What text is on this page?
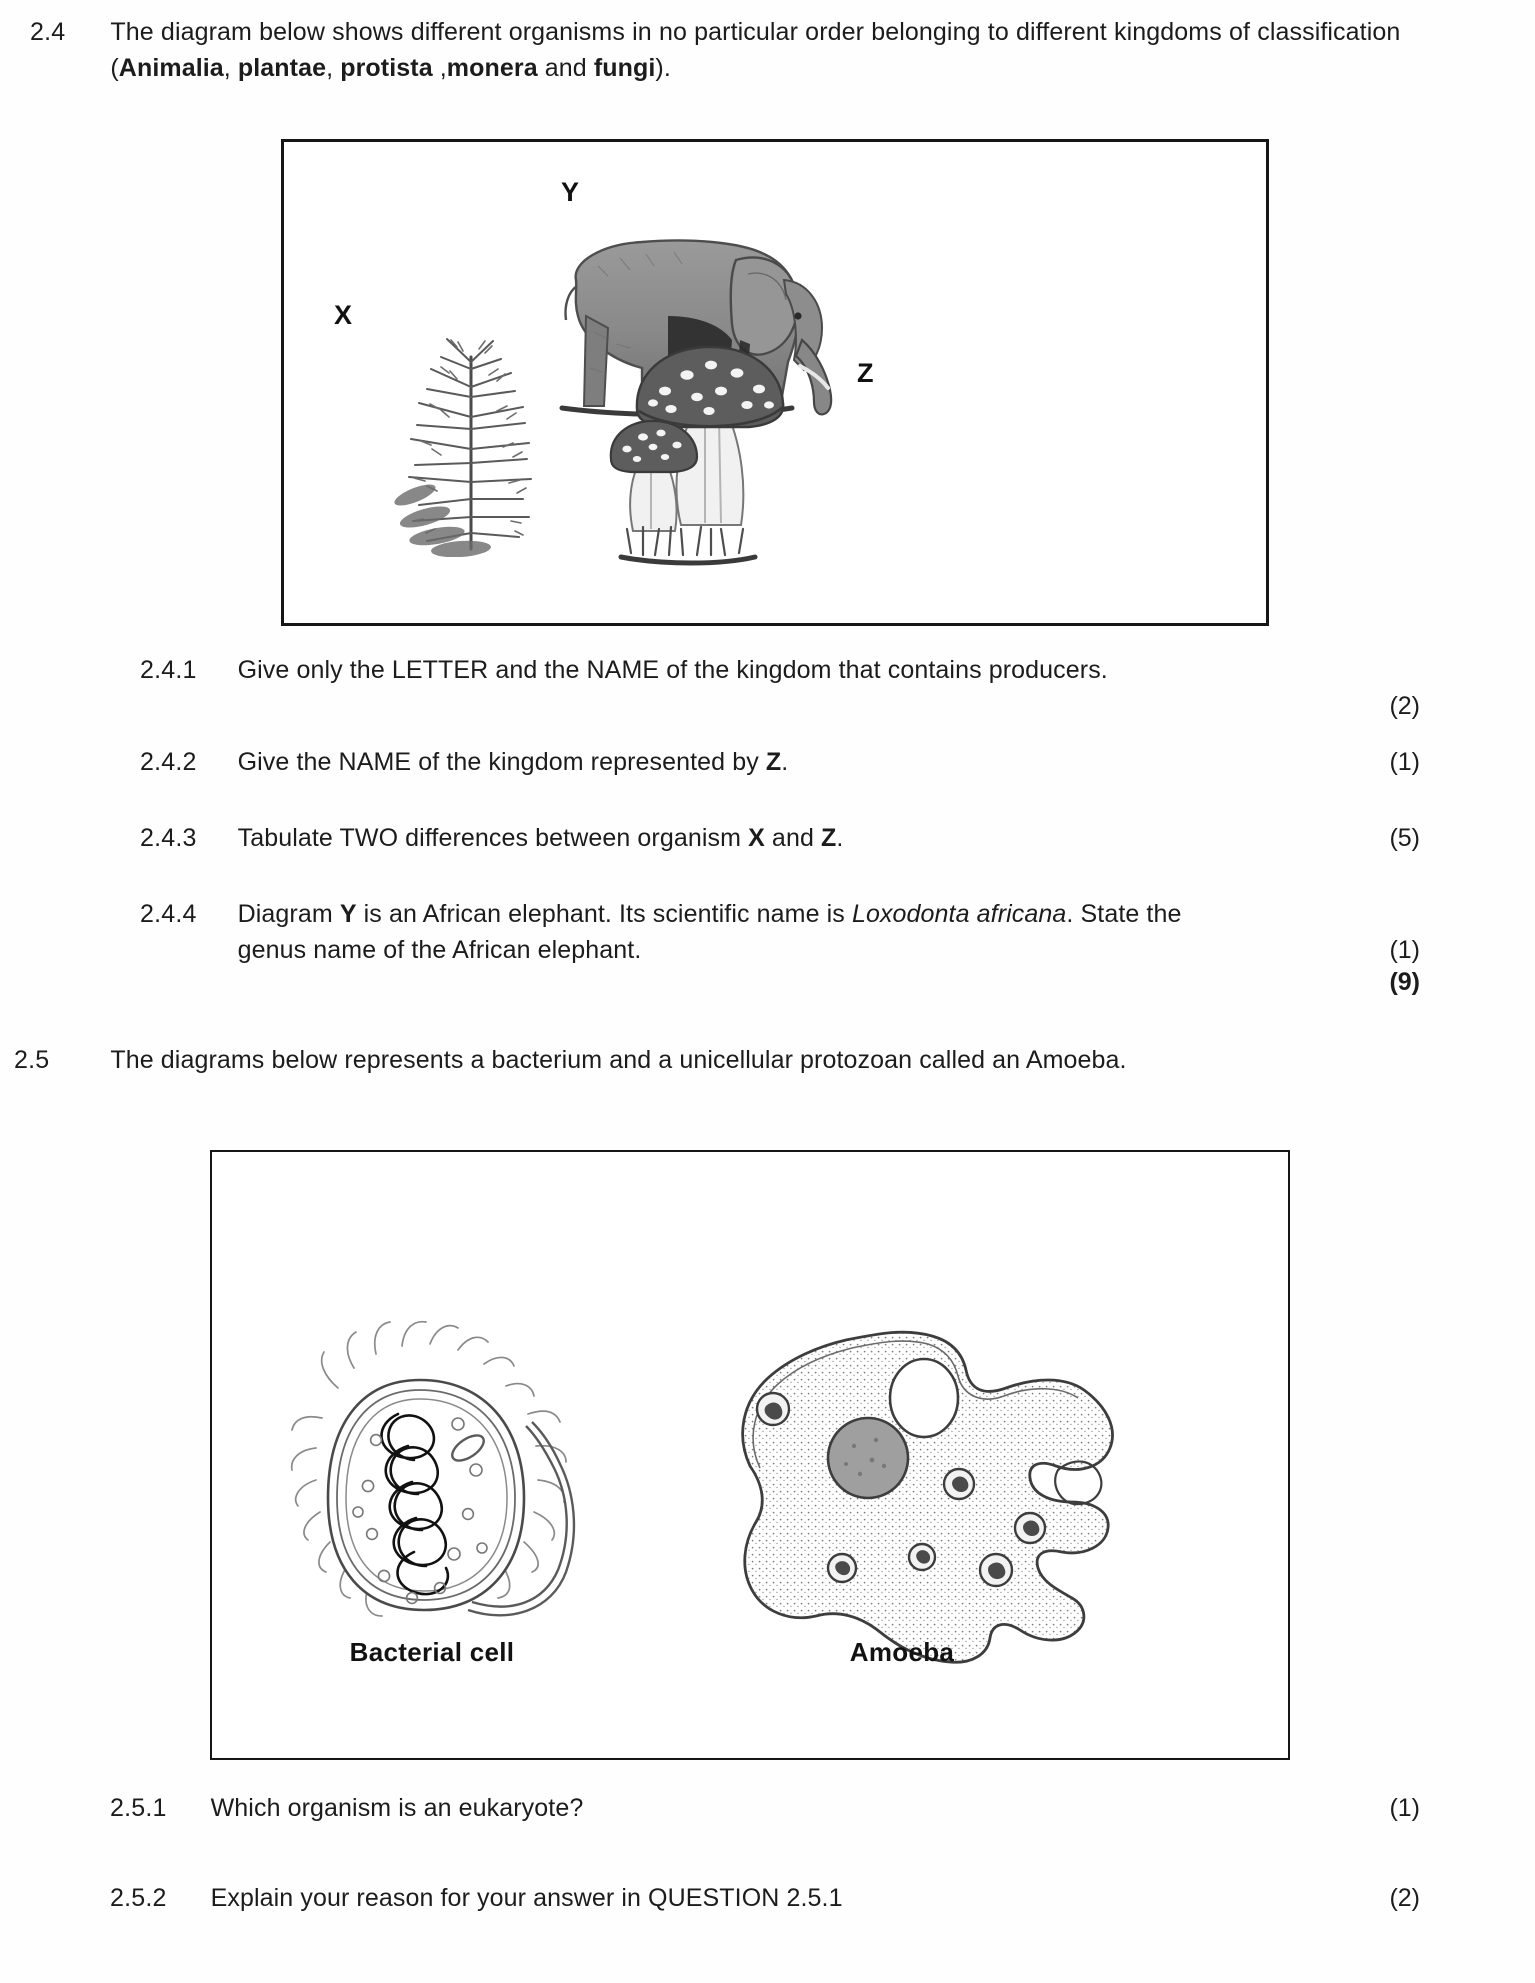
2.4 The diagram below shows different organisms in no particular order belonging to different kingdoms of classification (Animalia, plantae, protista ,monera and fungi).
X
Y
Z
2.4.1 Give only the LETTER and the NAME of the kingdom that contains producers.
(2)
2.4.2 Give the NAME of the kingdom represented by Z.	(1)
2.4.3 Tabulate TWO differences between organism X and Z.	(5)
2.4.4 Diagram Y is an African elephant. Its scientific name is Loxodonta africana. State the genus name of the African elephant.	(1)
(9)
2.5 The diagrams below represents a bacterium and a unicellular protozoan called an Amoeba.
Bacterial cell	Amoeba
2.5.1 Which organism is an eukaryote?	(1)
2.5.2 Explain your reason for your answer in QUESTION 2.5.1	(2)
